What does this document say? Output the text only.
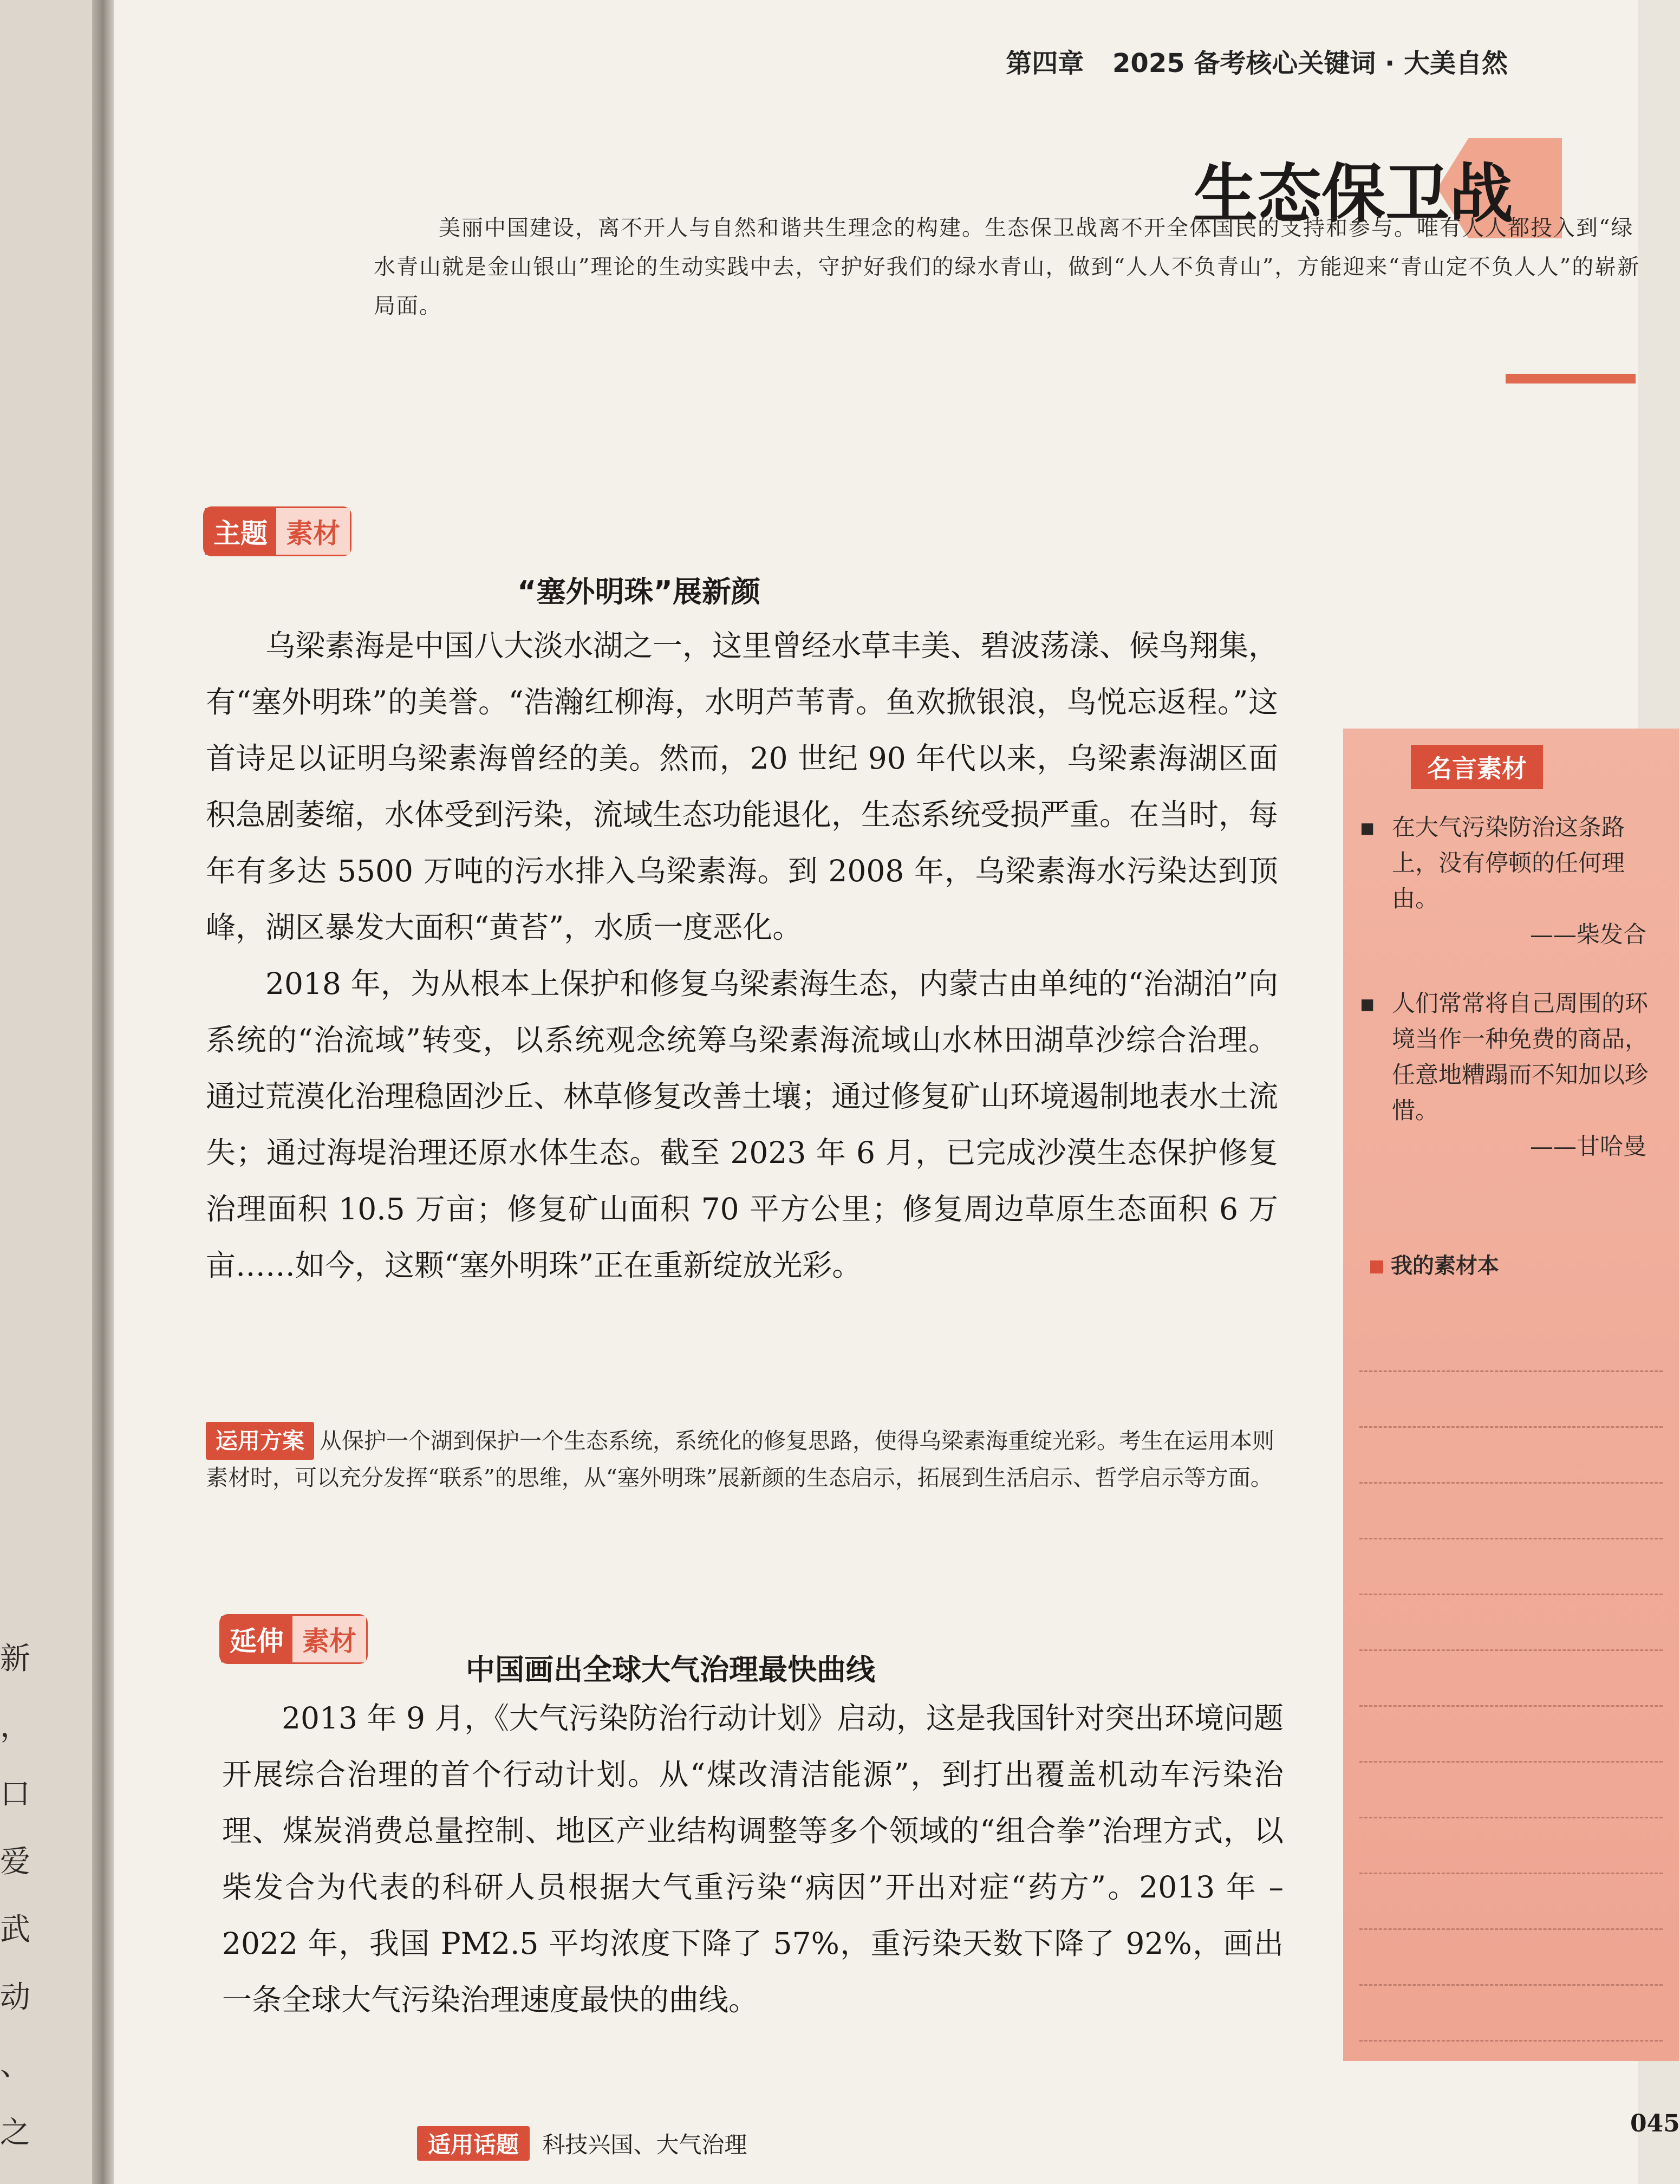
新
，
口
爱
武
动
、
之
第四章 2025 备考核心关键词 · 大美自然
生态保卫战
美丽中国建设，离不开人与自然和谐共生理念的构建。生态保卫战离不开全体国民的支持和参与。唯有人人都投入到“绿水青山就是金山银山”理论的生动实践中去，守护好我们的绿水青山，做到“人人不负青山”，方能迎来“青山定不负人人”的崭新局面。
主题 素材
“塞外明珠”展新颜

乌梁素海是中国八大淡水湖之一，这里曾经水草丰美、碧波荡漾、候鸟翔集，有“塞外明珠”的美誉。“浩瀚红柳海，水明芦苇青。鱼欢掀银浪，鸟悦忘返程。”这首诗足以证明乌梁素海曾经的美。然而，20 世纪 90 年代以来，乌梁素海湖区面积急剧萎缩，水体受到污染，流域生态功能退化，生态系统受损严重。在当时，每年有多达 5500 万吨的污水排入乌梁素海。到 2008 年，乌梁素海水污染达到顶峰，湖区暴发大面积“黄苔”，水质一度恶化。

2018 年，为从根本上保护和修复乌梁素海生态，内蒙古由单纯的“治湖泊”向系统的“治流域”转变，以系统观念统筹乌梁素海流域山水林田湖草沙综合治理。通过荒漠化治理稳固沙丘、林草修复改善土壤；通过修复矿山环境遏制地表水土流失；通过海堤治理还原水体生态。截至 2023 年 6 月，已完成沙漠生态保护修复治理面积 10.5 万亩；修复矿山面积 70 平方公里；修复周边草原生态面积 6 万亩……如今，这颗“塞外明珠”正在重新绽放光彩。

运用方案 从保护一个湖到保护一个生态系统，系统化的修复思路，使得乌梁素海重绽光彩。考生在运用本则素材时，可以充分发挥“联系”的思维，从“塞外明珠”展新颜的生态启示，拓展到生活启示、哲学启示等方面。
延伸 素材
中国画出全球大气治理最快曲线

2013 年 9 月，《大气污染防治行动计划》启动，这是我国针对突出环境问题开展综合治理的首个行动计划。从“煤改清洁能源”，到打出覆盖机动车污染治理、煤炭消费总量控制、地区产业结构调整等多个领域的“组合拳”治理方式，以柴发合为代表的科研人员根据大气重污染“病因”开出对症“药方”。2013 年 –2022 年，我国 PM2.5 平均浓度下降了 57%，重污染天数下降了 92%，画出一条全球大气污染治理速度最快的曲线。

适用话题 科技兴国、大气治理
名言素材
▪ 在大气污染防治这条路上，没有停顿的任何理由。
——柴发合
▪ 人们常常将自己周围的环境当作一种免费的商品，任意地糟蹋而不知加以珍惜。
——甘哈曼
我的素材本
045
